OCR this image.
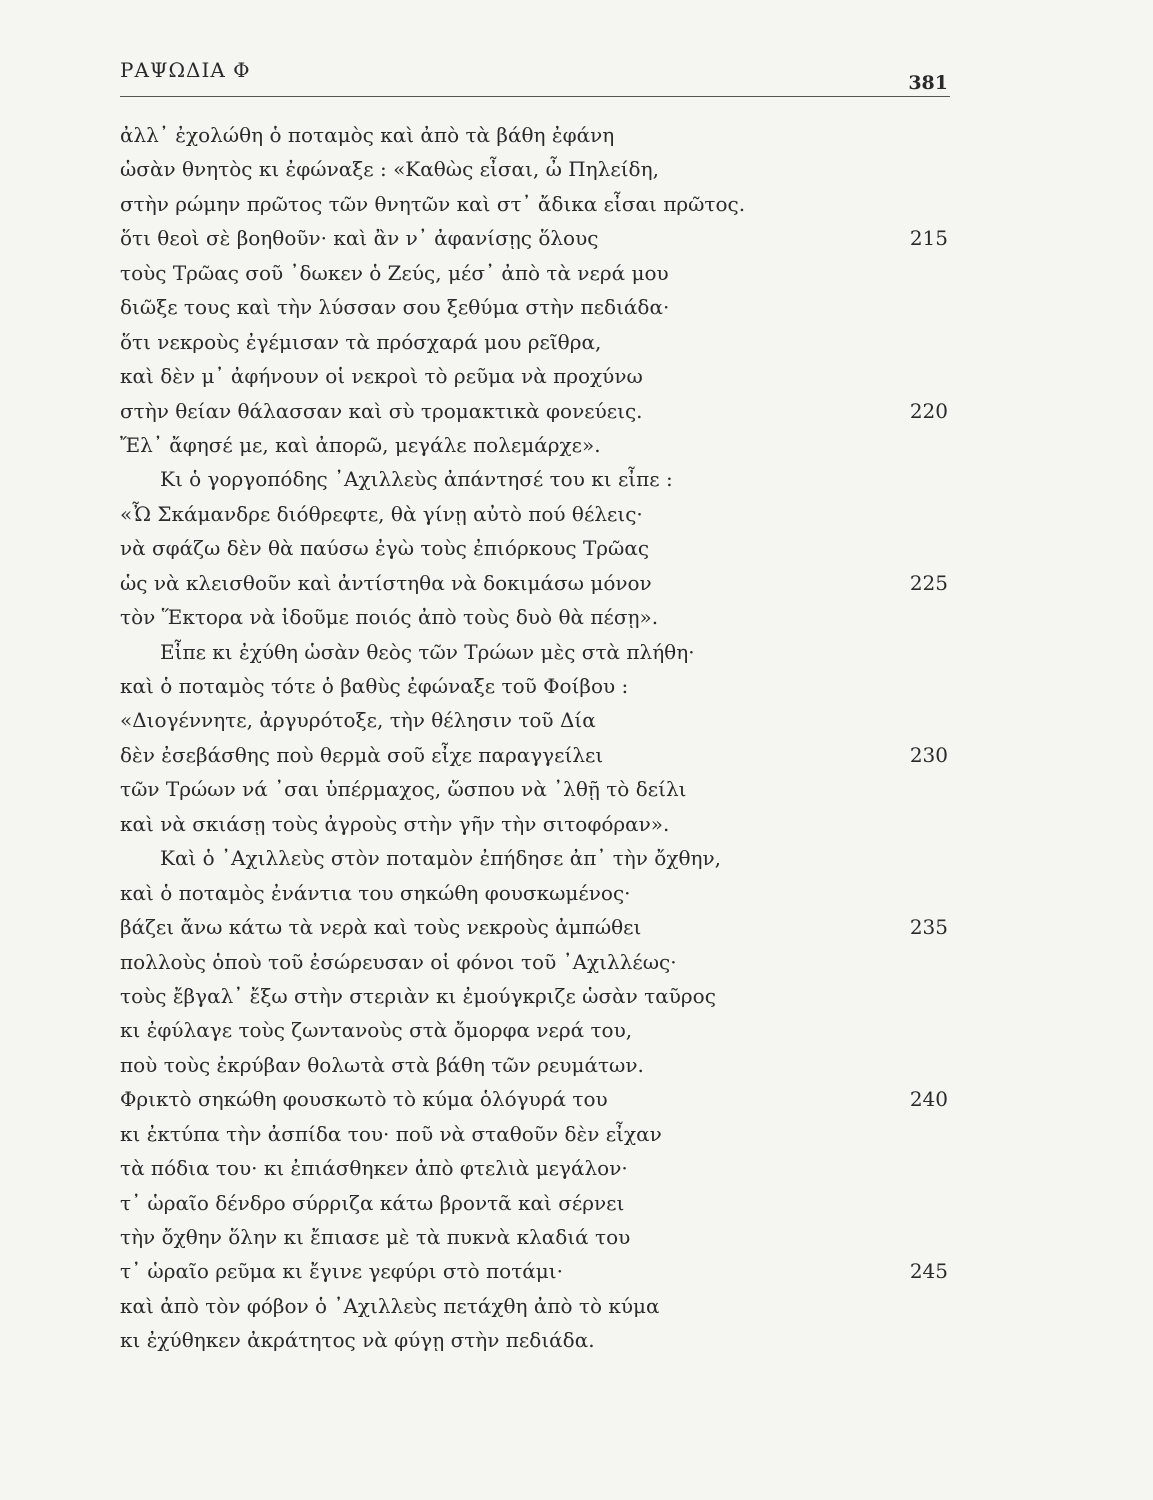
ΡΑΨΩΔΙΑ Φ
381
ἀλλ᾽ ἐχολώθη ὁ ποταμὸς καὶ ἀπὸ τὰ βάθη ἐφάνη
ὡσὰν θνητὸς κι ἐφώναξε : «Καθὼς εἶσαι, ὦ Πηλείδη,
στὴν ρώμην πρῶτος τῶν θνητῶν καὶ στ᾽ ἄδικα εἶσαι πρῶτος.
ὅτι θεοὶ σὲ βοηθοῦν· καὶ ἂν ν᾽ ἀφανίσῃς ὅλους	215
τοὺς Τρῶας σοῦ ᾽δωκεν ὁ Ζεύς, μέσ᾽ ἀπὸ τὰ νερά μου
διῶξε τους καὶ τὴν λύσσαν σου ξεθύμα στὴν πεδιάδα·
ὅτι νεκροὺς ἐγέμισαν τὰ πρόσχαρά μου ρεῖθρα,
καὶ δὲν μ᾽ ἀφήνουν οἱ νεκροὶ τὸ ρεῦμα νὰ προχύνω
στὴν θείαν θάλασσαν καὶ σὺ τρομακτικὰ φονεύεις.	220
Ἔλ᾽ ἄφησέ με, καὶ ἀπορῶ, μεγάλε πολεμάρχε».
Κι ὁ γοργοπόδης ᾽Αχιλλεὺς ἀπάντησέ του κι εἶπε :
«Ὦ Σκάμανδρε διόθρεφτε, θὰ γίνῃ αὐτὸ πού θέλεις·
νὰ σφάζω δὲν θὰ παύσω ἐγὼ τοὺς ἐπιόρκους Τρῶας
ὡς νὰ κλεισθοῦν καὶ ἀντίστηθα νὰ δοκιμάσω μόνον	225
τὸν Ἕκτορα νὰ ἰδοῦμε ποιός ἀπὸ τοὺς δυὸ θὰ πέσῃ».
Εἶπε κι ἐχύθη ὡσὰν θεὸς τῶν Τρώων μὲς στὰ πλήθη·
καὶ ὁ ποταμὸς τότε ὁ βαθὺς ἐφώναξε τοῦ Φοίβου :
«Διογέννητε, ἀργυρότοξε, τὴν θέλησιν τοῦ Δία
δὲν ἐσεβάσθης ποὺ θερμὰ σοῦ εἶχε παραγγείλει	230
τῶν Τρώων νά ᾽σαι ὑπέρμαχος, ὥσπου νὰ ᾽λθῇ τὸ δείλι
καὶ νὰ σκιάσῃ τοὺς ἀγροὺς στὴν γῆν τὴν σιτοφόραν».
Καὶ ὁ ᾽Αχιλλεὺς στὸν ποταμὸν ἐπήδησε ἀπ᾽ τὴν ὄχθην,
καὶ ὁ ποταμὸς ἐνάντια του σηκώθη φουσκωμένος·
βάζει ἄνω κάτω τὰ νερὰ καὶ τοὺς νεκροὺς ἀμπώθει	235
πολλοὺς ὁποὺ τοῦ ἐσώρευσαν οἱ φόνοι τοῦ ᾽Αχιλλέως·
τοὺς ἔβγαλ᾽ ἔξω στὴν στεριὰν κι ἐμούγκριζε ὡσὰν ταῦρος
κι ἐφύλαγε τοὺς ζωντανοὺς στὰ ὄμορφα νερά του,
ποὺ τοὺς ἐκρύβαν θολωτὰ στὰ βάθη τῶν ρευμάτων.
Φρικτὸ σηκώθη φουσκωτὸ τὸ κύμα ὁλόγυρά του	240
κι ἐκτύπα τὴν ἀσπίδα του· ποῦ νὰ σταθοῦν δὲν εἶχαν
τὰ πόδια του· κι ἐπιάσθηκεν ἀπὸ φτελιὰ μεγάλον·
τ᾽ ὡραῖο δένδρο σύρριζα κάτω βροντᾶ καὶ σέρνει
τὴν ὄχθην ὅλην κι ἔπιασε μὲ τὰ πυκνὰ κλαδιά του
τ᾽ ὡραῖο ρεῦμα κι ἔγινε γεφύρι στὸ ποτάμι·	245
καὶ ἀπὸ τὸν φόβον ὁ ᾽Αχιλλεὺς πετάχθη ἀπὸ τὸ κύμα
κι ἐχύθηκεν ἀκράτητος νὰ φύγῃ στὴν πεδιάδα.
